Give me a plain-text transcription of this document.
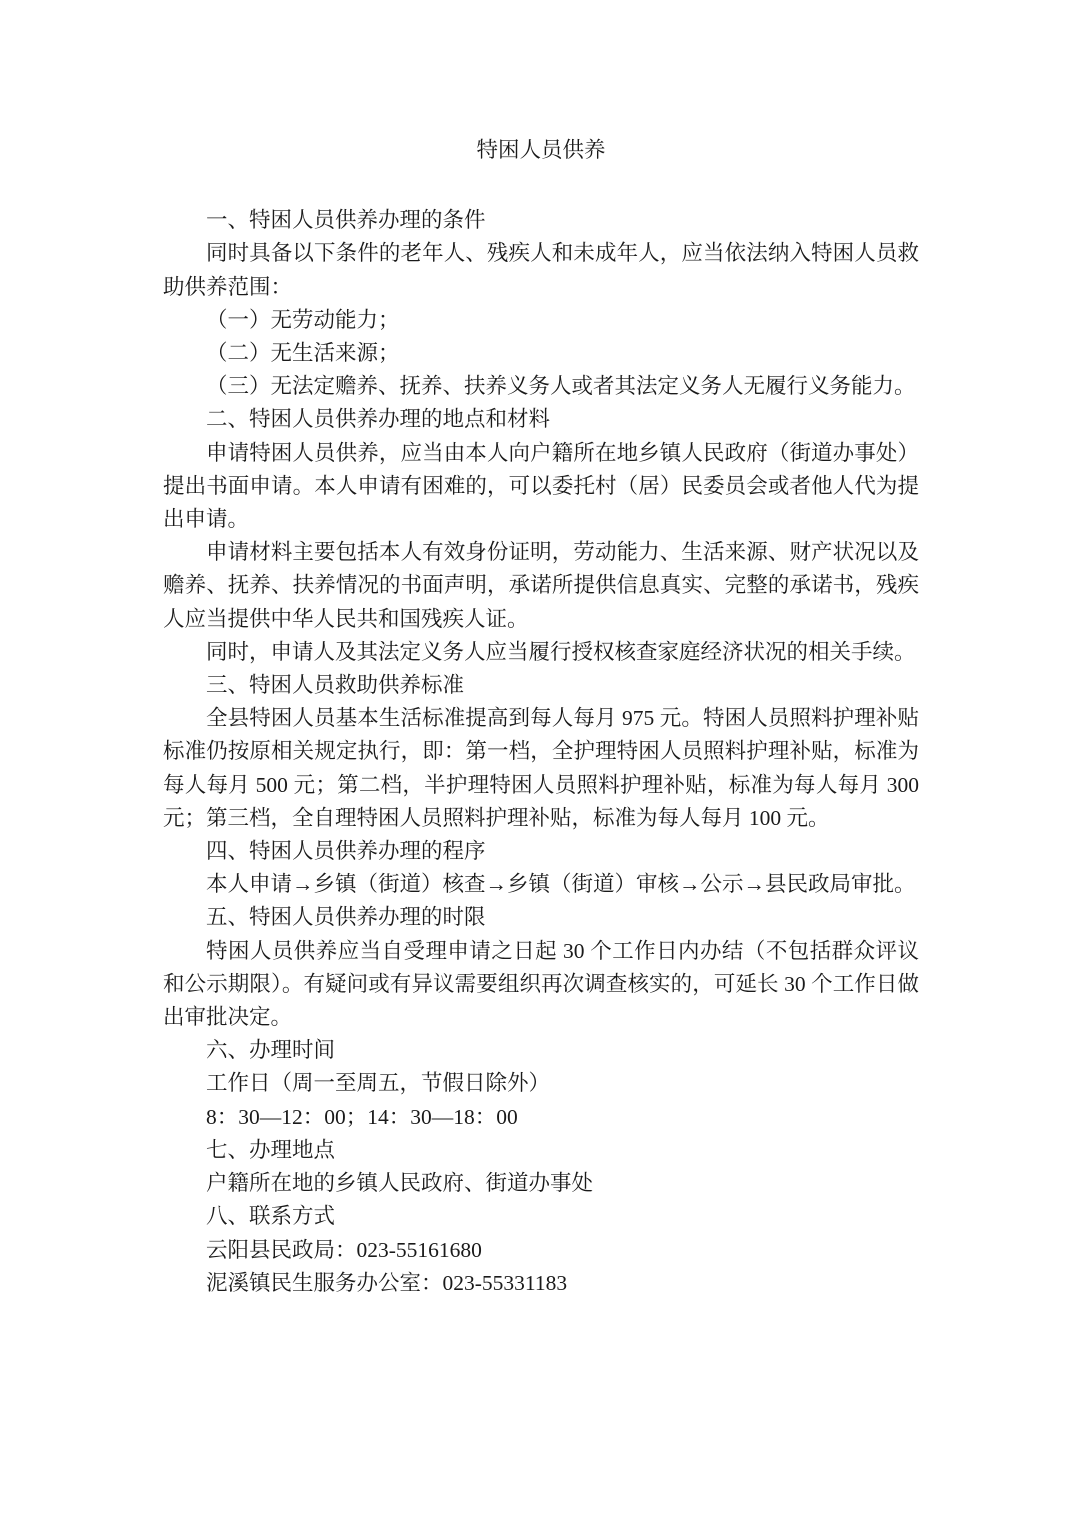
特困人员供养

一、特困人员供养办理的条件

同时具备以下条件的老年人、残疾人和未成年人，应当依法纳入特困人员救助供养范围：

（一）无劳动能力；

（二）无生活来源；

（三）无法定赡养、抚养、扶养义务人或者其法定义务人无履行义务能力。

二、特困人员供养办理的地点和材料

申请特困人员供养，应当由本人向户籍所在地乡镇人民政府（街道办事处）提出书面申请。本人申请有困难的，可以委托村（居）民委员会或者他人代为提出申请。

申请材料主要包括本人有效身份证明，劳动能力、生活来源、财产状况以及赡养、抚养、扶养情况的书面声明，承诺所提供信息真实、完整的承诺书，残疾人应当提供中华人民共和国残疾人证。

同时，申请人及其法定义务人应当履行授权核查家庭经济状况的相关手续。

三、特困人员救助供养标准

全县特困人员基本生活标准提高到每人每月 975 元。特困人员照料护理补贴标准仍按原相关规定执行，即：第一档，全护理特困人员照料护理补贴，标准为每人每月 500 元；第二档，半护理特困人员照料护理补贴，标准为每人每月 300 元；第三档，全自理特困人员照料护理补贴，标准为每人每月 100 元。

四、特困人员供养办理的程序

本人申请→乡镇（街道）核查→乡镇（街道）审核→公示→县民政局审批。

五、特困人员供养办理的时限

特困人员供养应当自受理申请之日起 30 个工作日内办结（不包括群众评议和公示期限）。有疑问或有异议需要组织再次调查核实的，可延长 30 个工作日做出审批决定。

六、办理时间

工作日（周一至周五，节假日除外）

8：30—12：00；14：30—18：00

七、办理地点

户籍所在地的乡镇人民政府、街道办事处

八、联系方式

云阳县民政局：023-55161680

泥溪镇民生服务办公室：023-55331183
